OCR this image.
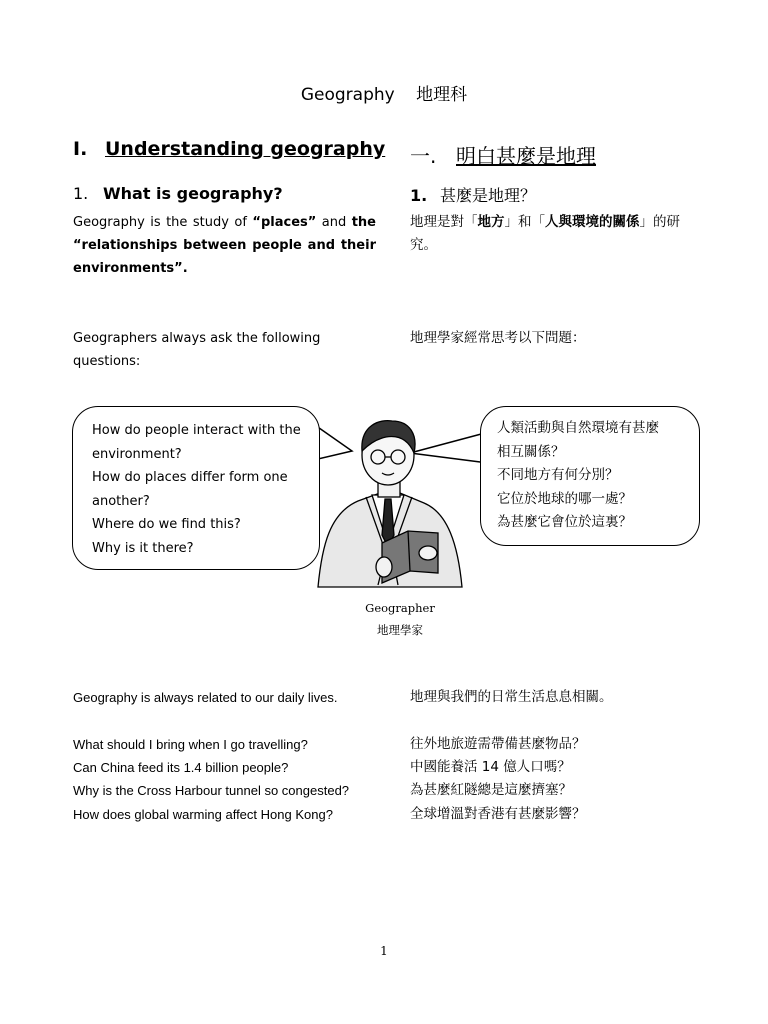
Geography 地理科
I. Understanding geography 一. 明白甚麼是地理
1. What is geography?	1. 甚麼是地理？
Geography is the study of “places” and the “relationships between people and their environments”.
地理是對「地方」和「人與環境的關係」的研究。
Geographers always ask the following questions:
地理學家經常思考以下問題：
How do people interact with the
environment?
How do places differ form one
another?
Where do we find this?
Why is it there?
人類活動與自然環境有甚麼
相互關係？
不同地方有何分別？
它位於地球的哪一處？
為甚麼它會位於這裏？
Geographer
地理學家
Geography is always related to our daily lives.	地理與我們的日常生活息息相關。
What should I bring when I go travelling?
Can China feed its 1.4 billion people?
Why is the Cross Harbour tunnel so congested?
How does global warming affect Hong Kong?
往外地旅遊需帶備甚麼物品？
中國能養活 14 億人口嗎？
為甚麼紅隧總是這麼擠塞？
全球增溫對香港有甚麼影響？
1
